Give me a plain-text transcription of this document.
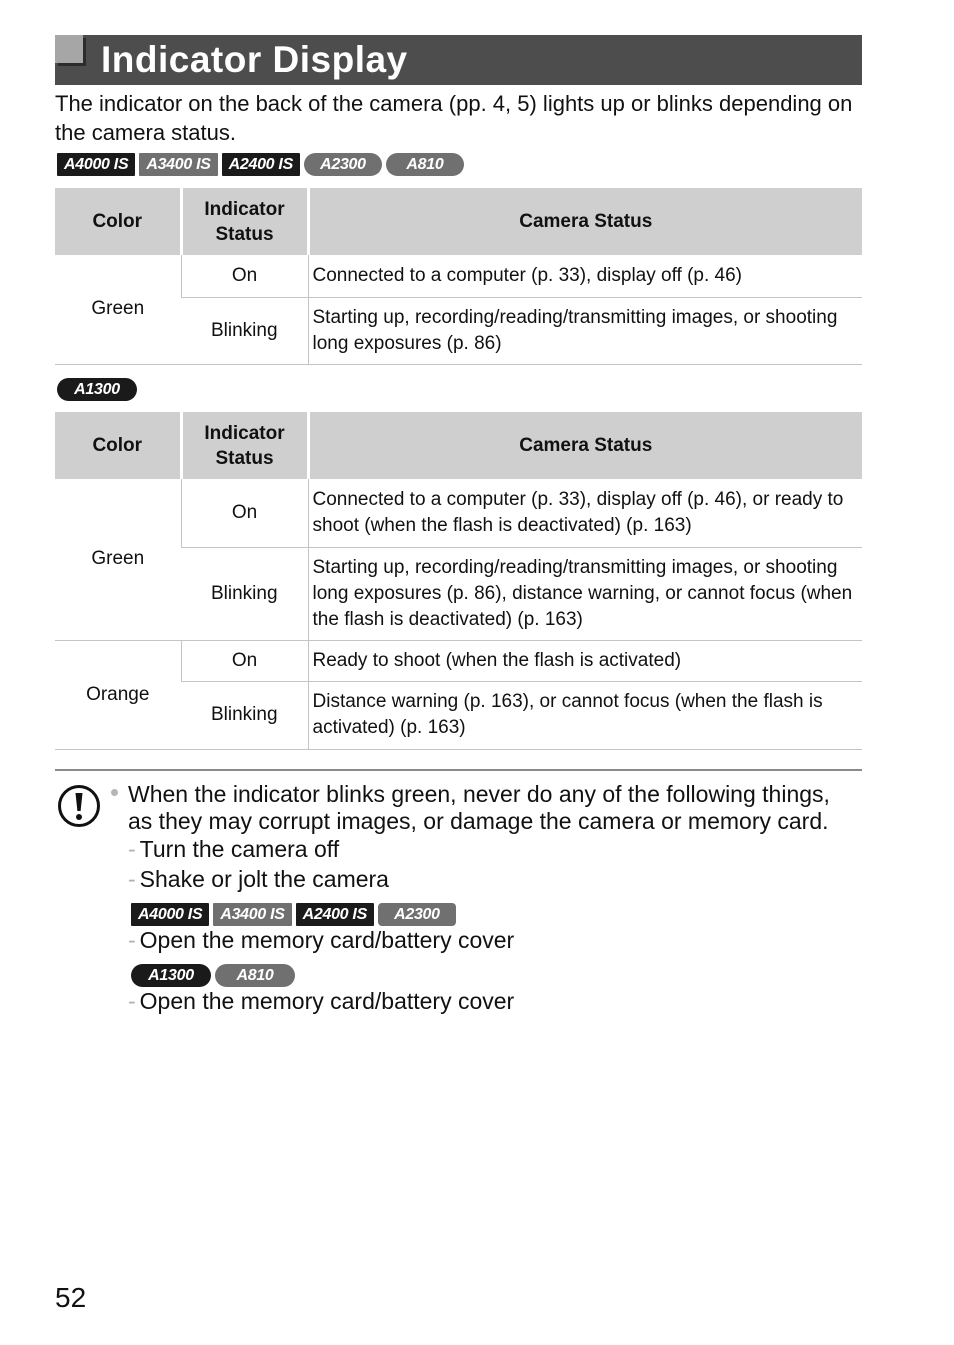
Indicator Display
The indicator on the back of the camera (pp. 4, 5) lights up or blinks depending on the camera status.
A4000 IS	A3400 IS	A2400 IS	A2300	A810
Color	Indicator Status	Camera Status
Green	On	Connected to a computer (p. 33), display off (p. 46)
	Blinking	Starting up, recording/reading/transmitting images, or shooting long exposures (p. 86)
A1300
Color	Indicator Status	Camera Status
Green	On	Connected to a computer (p. 33), display off (p. 46), or ready to shoot (when the flash is deactivated) (p. 163)
	Blinking	Starting up, recording/reading/transmitting images, or shooting long exposures (p. 86), distance warning, or cannot focus (when the flash is deactivated) (p. 163)
Orange	On	Ready to shoot (when the flash is activated)
	Blinking	Distance warning (p. 163), or cannot focus (when the flash is activated) (p. 163)
When the indicator blinks green, never do any of the following things, as they may corrupt images, or damage the camera or memory card.
- Turn the camera off
- Shake or jolt the camera
A4000 IS	A3400 IS	A2400 IS	A2300
- Open the memory card/battery cover
A1300	A810
- Open the memory card/battery cover
52
